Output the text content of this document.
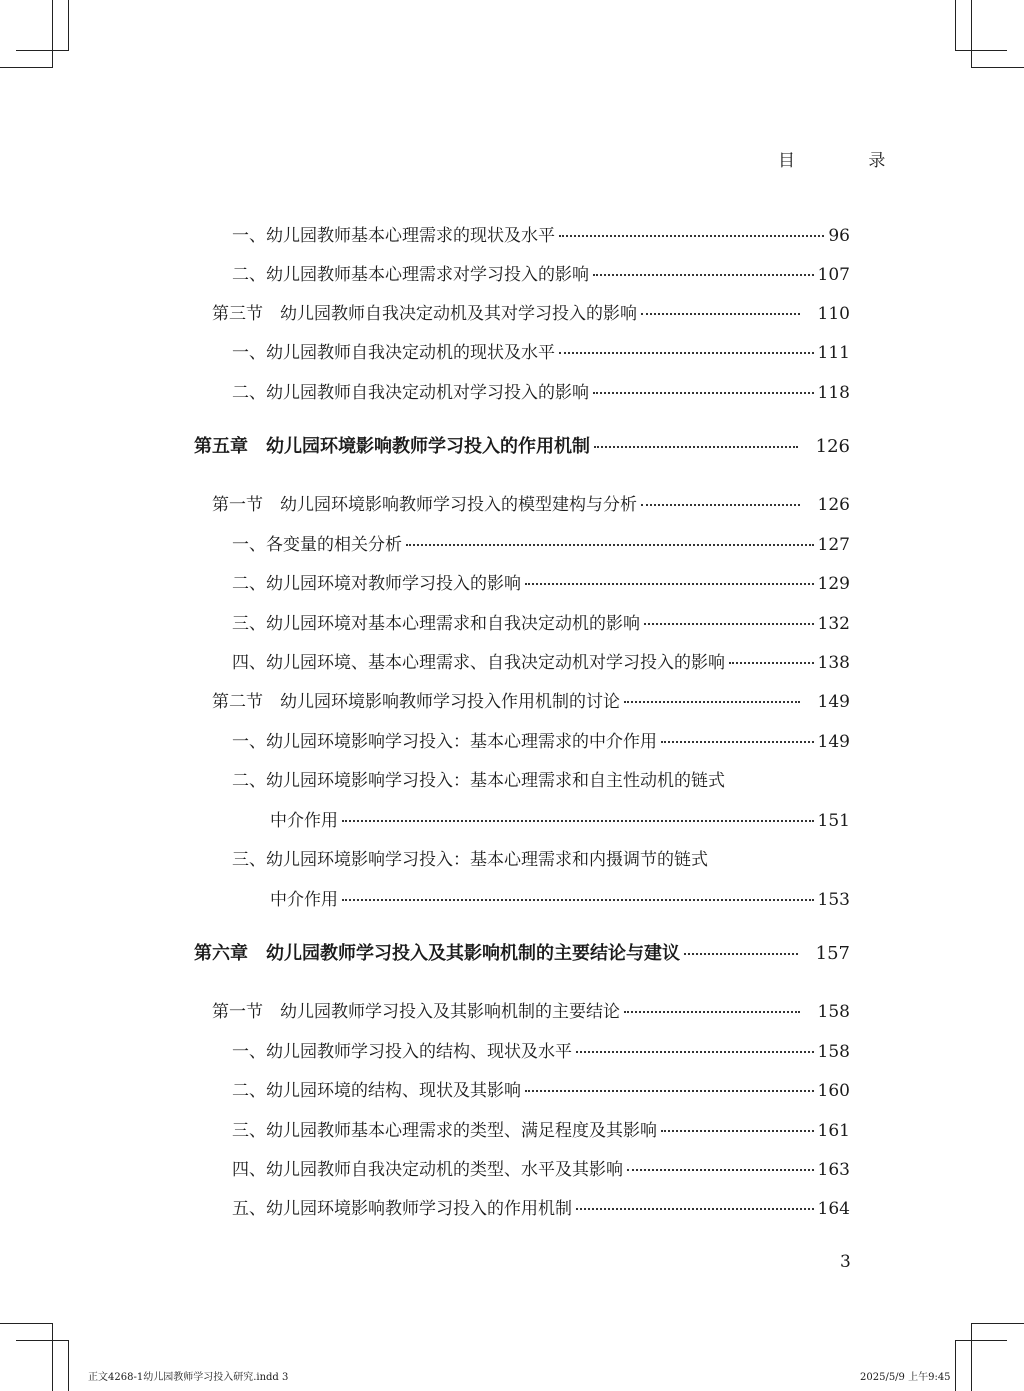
目 录
一、幼儿园教师基本心理需求的现状及水平	96
二、幼儿园教师基本心理需求对学习投入的影响	107
第三节　幼儿园教师自我决定动机及其对学习投入的影响	110
一、幼儿园教师自我决定动机的现状及水平	111
二、幼儿园教师自我决定动机对学习投入的影响	118
第五章　幼儿园环境影响教师学习投入的作用机制	126
第一节　幼儿园环境影响教师学习投入的模型建构与分析	126
一、各变量的相关分析	127
二、幼儿园环境对教师学习投入的影响	129
三、幼儿园环境对基本心理需求和自我决定动机的影响	132
四、幼儿园环境、基本心理需求、自我决定动机对学习投入的影响	138
第二节　幼儿园环境影响教师学习投入作用机制的讨论	149
一、幼儿园环境影响学习投入：基本心理需求的中介作用	149
二、幼儿园环境影响学习投入：基本心理需求和自主性动机的链式
中介作用	151
三、幼儿园环境影响学习投入：基本心理需求和内摄调节的链式
中介作用	153
第六章　幼儿园教师学习投入及其影响机制的主要结论与建议	157
第一节　幼儿园教师学习投入及其影响机制的主要结论	158
一、幼儿园教师学习投入的结构、现状及水平	158
二、幼儿园环境的结构、现状及其影响	160
三、幼儿园教师基本心理需求的类型、满足程度及其影响	161
四、幼儿园教师自我决定动机的类型、水平及其影响	163
五、幼儿园环境影响教师学习投入的作用机制	164
3
正文4268-1幼儿园教师学习投入研究.indd 3	2025/5/9 上午9:45
